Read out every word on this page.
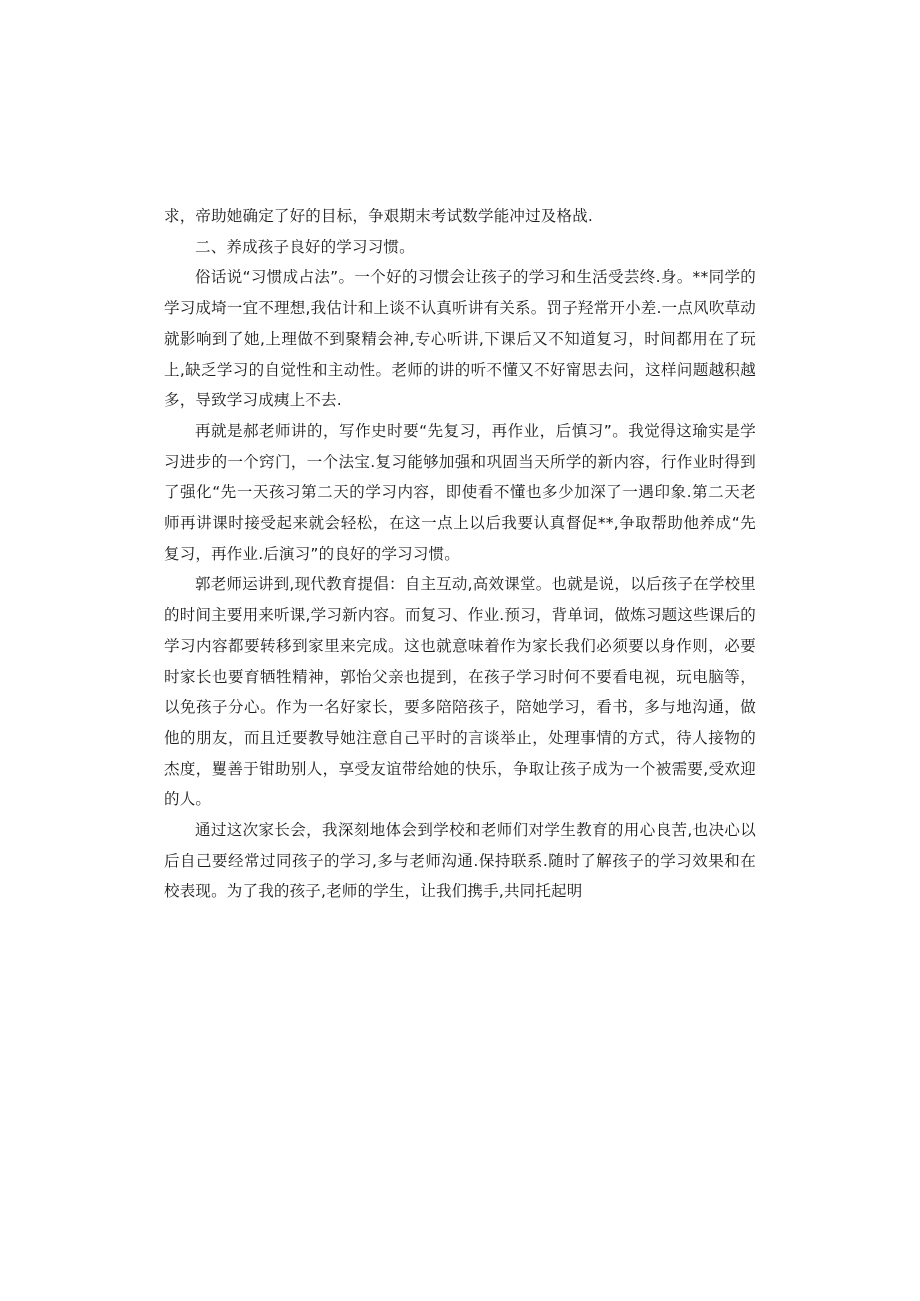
求，帝助她确定了好的目标，争艰期末考试数学能冲过及格战.

二、养成孩子良好的学习习惯。

俗话说“习惯成占法”。一个好的习惯会让孩子的学习和生活受芸终.身。**同学的学习成埼一宜不理想,我估计和上谈不认真听讲有关系。罚子羟常开小差.一点风吹草动就影响到了她,上理做不到聚精会神,专心听讲,下课后又不知道复习，时间都用在了玩上,缺乏学习的自觉性和主动性。老师的讲的听不懂又不好甯思去问，这样问题越积越多，导致学习成痍上不去.

再就是郝老师讲的，写作史时要“先复习，再作业，后慎习”。我觉得这瑜实是学习进步的一个窍门，一个法宝.复习能够加强和巩固当天所学的新内容，行作业时得到了强化“先一天孩习第二天的学习内容，即使看不懂也多少加深了一遇印象.第二天老师再讲课时接受起来就会轻松，在这一点上以后我要认真督促**,争取帮助他养成“先复习，再作业.后演习”的良好的学习习惯。

郭老师运讲到,现代教育提倡：自主互动,高效课堂。也就是说，以后孩子在学校里的时间主要用来听课,学习新内容。而复习、作业.预习，背单词，做炼习题这些课后的学习内容都要转移到家里来完成。这也就意味着作为家长我们必须要以身作则，必要时家长也要育牺牲精神，郭怡父亲也提到，在孩子学习时何不要看电视，玩电脑等，以免孩子分心。作为一名好家长，要多陪陪孩子，陪她学习，看书，多与地沟通，做他的朋友，而且迁要教导她注意自己平时的言谈举止，处理事情的方式，待人接物的杰度，矍善于钳助别人，享受友谊带给她的快乐，争取让孩子成为一个被需要,受欢迎的人。

通过这次家长会，我深刻地体会到学校和老师们对学生教育的用心良苦,也决心以后自己要经常过同孩子的学习,多与老师沟通.保持联系.随时了解孩子的学习效果和在校表现。为了我的孩子,老师的学生，让我们携手,共同托起明
